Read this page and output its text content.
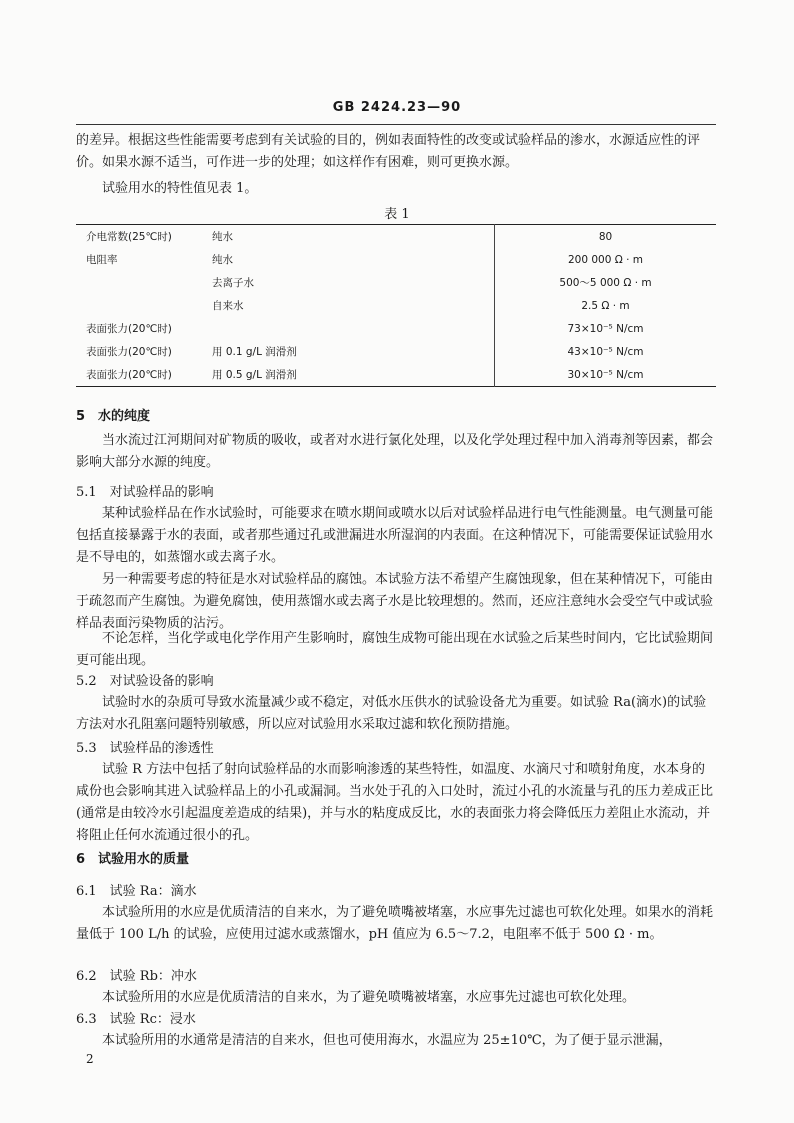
GB 2424.23—90
的差异。根据这些性能需要考虑到有关试验的目的，例如表面特性的改变或试验样品的渗水，水源适应性的评价。如果水源不适当，可作进一步的处理；如这样作有困难，则可更换水源。
试验用水的特性值见表 1。
表 1
介电常数(25℃时)	纯水	80
电阻率	纯水	200 000 Ω · m
	去离子水	500～5 000 Ω · m
	自来水	2.5 Ω · m
表面张力(20℃时)		73×10⁻⁵ N/cm
表面张力(20℃时)	用 0.1 g/L 润滑剂	43×10⁻⁵ N/cm
表面张力(20℃时)	用 0.5 g/L 润滑剂	30×10⁻⁵ N/cm
5　水的纯度
当水流过江河期间对矿物质的吸收，或者对水进行氯化处理，以及化学处理过程中加入消毒剂等因素，都会影响大部分水源的纯度。
5.1　对试验样品的影响
某种试验样品在作水试验时，可能要求在喷水期间或喷水以后对试验样品进行电气性能测量。电气测量可能包括直接暴露于水的表面，或者那些通过孔或泄漏进水所湿润的内表面。在这种情况下，可能需要保证试验用水是不导电的，如蒸馏水或去离子水。
另一种需要考虑的特征是水对试验样品的腐蚀。本试验方法不希望产生腐蚀现象，但在某种情况下，可能由于疏忽而产生腐蚀。为避免腐蚀，使用蒸馏水或去离子水是比较理想的。然而，还应注意纯水会受空气中或试验样品表面污染物质的沾污。
不论怎样，当化学或电化学作用产生影响时，腐蚀生成物可能出现在水试验之后某些时间内，它比试验期间更可能出现。
5.2　对试验设备的影响
试验时水的杂质可导致水流量减少或不稳定，对低水压供水的试验设备尤为重要。如试验 Ra(滴水)的试验方法对水孔阻塞问题特别敏感，所以应对试验用水采取过滤和软化预防措施。
5.3　试验样品的渗透性
试验 R 方法中包括了射向试验样品的水而影响渗透的某些特性，如温度、水滴尺寸和喷射角度，水本身的咸份也会影响其进入试验样品上的小孔或漏洞。当水处于孔的入口处时，流过小孔的水流量与孔的压力差成正比(通常是由较冷水引起温度差造成的结果)，并与水的粘度成反比，水的表面张力将会降低压力差阻止水流动，并将阻止任何水流通过很小的孔。
6　试验用水的质量
6.1　试验 Ra：滴水
本试验所用的水应是优质清洁的自来水，为了避免喷嘴被堵塞，水应事先过滤也可软化处理。如果水的消耗量低于 100 L/h 的试验，应使用过滤水或蒸馏水，pH 值应为 6.5～7.2，电阻率不低于 500 Ω · m。
6.2　试验 Rb：冲水
本试验所用的水应是优质清洁的自来水，为了避免喷嘴被堵塞，水应事先过滤也可软化处理。
6.3　试验 Rc：浸水
本试验所用的水通常是清洁的自来水，但也可使用海水，水温应为 25±10℃，为了便于显示泄漏，
2
